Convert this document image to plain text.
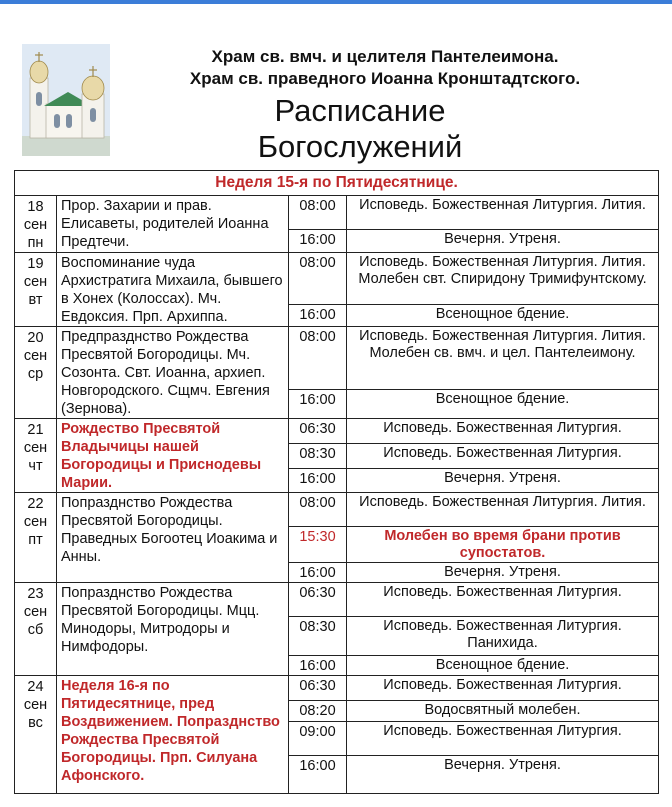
Храм св. вмч. и целителя Пантелеимона.
Храм св. праведного Иоанна Кронштадтского.
Расписание
Богослужений
Неделя 15-я по Пятидесятнице.			

18
сен
пн	Прор. Захарии и прав. Елисаветы, родителей Иоанна Предтечи.	08:00	Исповедь. Божественная Литургия. Лития.
		16:00	Вечерня. Утреня.

19
сен
вт	Воспоминание чуда Архистратига Михаила, бывшего в Хонех (Колоссах). Мч. Евдоксия. Прп. Архиппа.	08:00	Исповедь. Божественная Литургия. Лития. Молебен свт. Спиридону Тримифунтскому.
		16:00	Всенощное бдение.

20
сен
ср	Предпразднство Рождества Пресвятой Богородицы. Мч. Созонта. Свт. Иоанна, архиеп. Новгородского. Сщмч. Евгения (Зернова).	08:00	Исповедь. Божественная Литургия. Лития. Молебен св. вмч. и цел. Пантелеимону.
		16:00	Всенощное бдение.

21
сен
чт	Рождество Пресвятой Владычицы нашей Богородицы и Приснодевы Марии.	06:30	Исповедь. Божественная Литургия.
		08:30	Исповедь. Божественная Литургия.
		16:00	Вечерня. Утреня.

22
сен
пт	Попразднство Рождества Пресвятой Богородицы. Праведных Богоотец Иоакима и Анны.	08:00	Исповедь. Божественная Литургия. Лития.
		15:30	Молебен во время брани против супостатов.
		16:00	Вечерня. Утреня.

23
сен
сб	Попразднство Рождества Пресвятой Богородицы. Мцц. Минодоры, Митродоры и Нимфодоры.	06:30	Исповедь. Божественная Литургия.
		08:30	Исповедь. Божественная Литургия. Панихида.
		16:00	Всенощное бдение.

24
сен
вс	Неделя 16-я по Пятидесятнице, пред Воздвижением. Попразднство Рождества Пресвятой Богородицы. Прп. Силуана Афонского.	06:30	Исповедь. Божественная Литургия.
		08:20	Водосвятный молебен.
		09:00	Исповедь. Божественная Литургия.
		16:00	Вечерня. Утреня.
